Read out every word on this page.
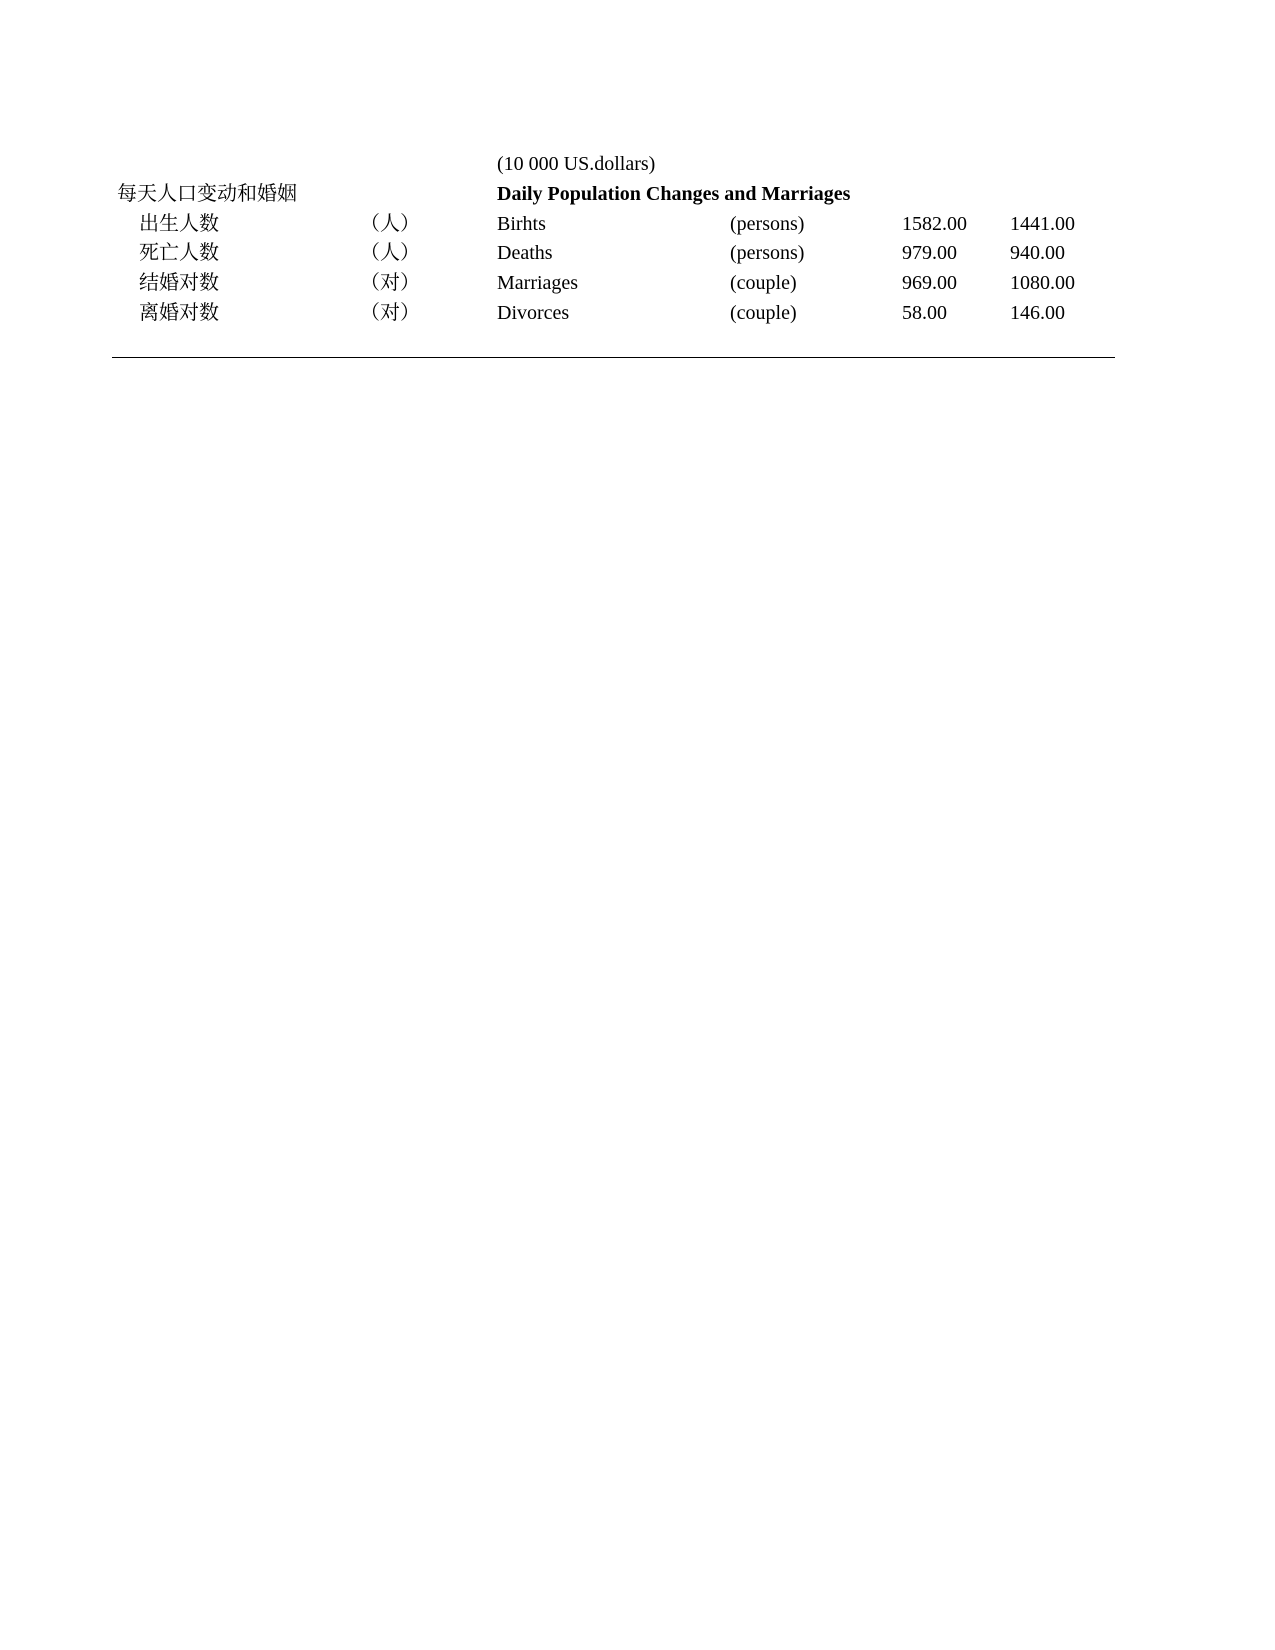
(10 000 US.dollars)
每天人口变动和婚姻	Daily Population Changes and Marriages
出生人数	（人）	Birhts	(persons)	1582.00 1441.00
死亡人数	（人）	Deaths	(persons)	979.00	940.00
结婚对数	（对）	Marriages	(couple)	969.00	1080.00
离婚对数	（对）	Divorces	(couple)	58.00	146.00
